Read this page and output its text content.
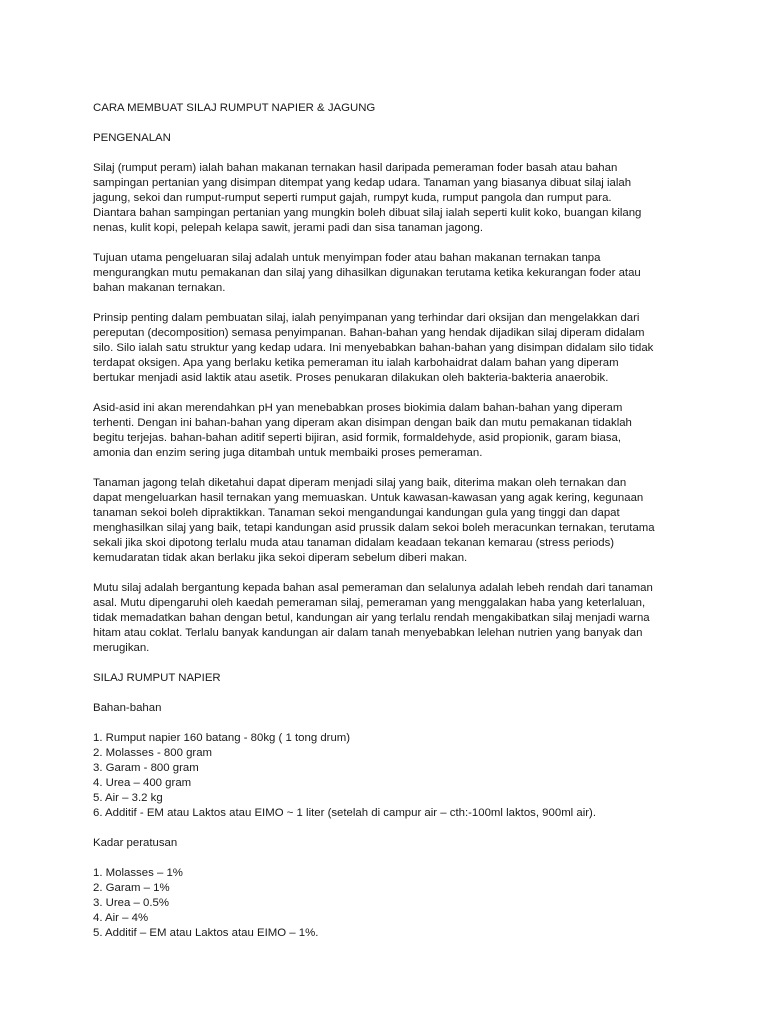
CARA MEMBUAT SILAJ RUMPUT NAPIER & JAGUNG
PENGENALAN
Silaj (rumput peram) ialah bahan makanan ternakan hasil daripada pemeraman foder basah atau bahan
sampingan pertanian yang disimpan ditempat yang kedap udara. Tanaman yang biasanya dibuat silaj ialah
jagung, sekoi dan rumput-rumput seperti rumput gajah, rumpyt kuda, rumput pangola dan rumput para.
Diantara bahan sampingan pertanian yang mungkin boleh dibuat silaj ialah seperti kulit koko, buangan kilang
nenas, kulit kopi, pelepah kelapa sawit, jerami padi dan sisa tanaman jagong.
Tujuan utama pengeluaran silaj adalah untuk menyimpan foder atau bahan makanan ternakan tanpa
mengurangkan mutu pemakanan dan silaj yang dihasilkan digunakan terutama ketika kekurangan foder atau
bahan makanan ternakan.
Prinsip penting dalam pembuatan silaj, ialah penyimpanan yang terhindar dari oksijan dan mengelakkan dari
pereputan (decomposition) semasa penyimpanan. Bahan-bahan yang hendak dijadikan silaj diperam didalam
silo. Silo ialah satu struktur yang kedap udara. Ini menyebabkan bahan-bahan yang disimpan didalam silo tidak
terdapat oksigen. Apa yang berlaku ketika pemeraman itu ialah karbohaidrat dalam bahan yang diperam
bertukar menjadi asid laktik atau asetik. Proses penukaran dilakukan oleh bakteria-bakteria anaerobik.
Asid-asid ini akan merendahkan pH yan menebabkan proses biokimia dalam bahan-bahan yang diperam
terhenti. Dengan ini bahan-bahan yang diperam akan disimpan dengan baik dan mutu pemakanan tidaklah
begitu terjejas. bahan-bahan aditif seperti bijiran, asid formik, formaldehyde, asid propionik, garam biasa,
amonia dan enzim sering juga ditambah untuk membaiki proses pemeraman.
Tanaman jagong telah diketahui dapat diperam menjadi silaj yang baik, diterima makan oleh ternakan dan
dapat mengeluarkan hasil ternakan yang memuaskan. Untuk kawasan-kawasan yang agak kering, kegunaan
tanaman sekoi boleh dipraktikkan. Tanaman sekoi mengandungai kandungan gula yang tinggi dan dapat
menghasilkan silaj yang baik, tetapi kandungan asid prussik dalam sekoi boleh meracunkan ternakan, terutama
sekali jika skoi dipotong terlalu muda atau tanaman didalam keadaan tekanan kemarau (stress periods)
kemudaratan tidak akan berlaku jika sekoi diperam sebelum diberi makan.
Mutu silaj adalah bergantung kepada bahan asal pemeraman dan selalunya adalah lebeh rendah dari tanaman
asal. Mutu dipengaruhi oleh kaedah pemeraman silaj, pemeraman yang menggalakan haba yang keterlaluan,
tidak memadatkan bahan dengan betul, kandungan air yang terlalu rendah mengakibatkan silaj menjadi warna
hitam atau coklat. Terlalu banyak kandungan air dalam tanah menyebabkan lelehan nutrien yang banyak dan
merugikan.
SILAJ RUMPUT NAPIER
Bahan-bahan
1. Rumput napier 160 batang - 80kg ( 1 tong drum)
2. Molasses - 800 gram
3. Garam - 800 gram
4. Urea – 400 gram
5. Air – 3.2 kg
6. Additif - EM atau Laktos atau EIMO ~ 1 liter (setelah di campur air – cth:-100ml laktos, 900ml air).
Kadar peratusan
1. Molasses – 1%
2. Garam – 1%
3. Urea – 0.5%
4. Air – 4%
5. Additif – EM atau Laktos atau EIMO – 1%.
